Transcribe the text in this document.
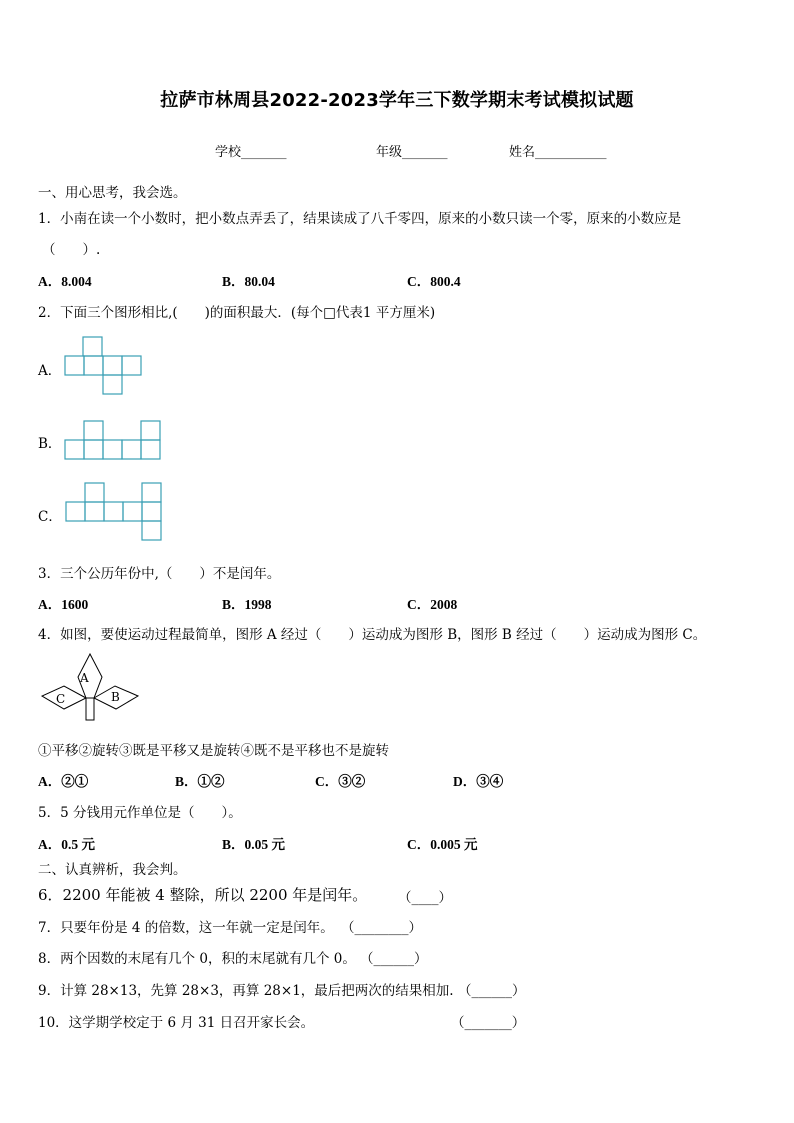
拉萨市林周县2022-2023学年三下数学期末考试模拟试题
学校_______	年级_______	姓名___________
一、用心思考，我会选。
1．小南在读一个小数时，把小数点弄丢了，结果读成了八千零四，原来的小数只读一个零，原来的小数应是
（　　）.
A．8.004	B．80.04	C．800.4
2．下面三个图形相比,(　　)的面积最大．(每个□代表1 平方厘米)
A．
B．
C．
3．三个公历年份中,（　　）不是闰年。
A．1600	B．1998	C．2008
4．如图，要使运动过程最简单，图形 A 经过（　　）运动成为图形 B，图形 B 经过（　　）运动成为图形 C。
A
B
C
①平移②旋转③既是平移又是旋转④既不是平移也不是旋转
A．②①	B．①②	C．③②	D．③④
5．5 分钱用元作单位是（　　）。
A．0.5 元	B．0.05 元	C．0.005 元
二、认真辨析，我会判。
6．2200 年能被 4 整除，所以 2200 年是闰年。 （____）
7．只要年份是 4 的倍数，这一年就一定是闰年。 （________）
8．两个因数的末尾有几个 0，积的末尾就有几个 0。 （______）
9．计算 28×13，先算 28×3，再算 28×1，最后把两次的结果相加. （______）
10．这学期学校定于 6 月 31 日召开家长会。	（_______）
